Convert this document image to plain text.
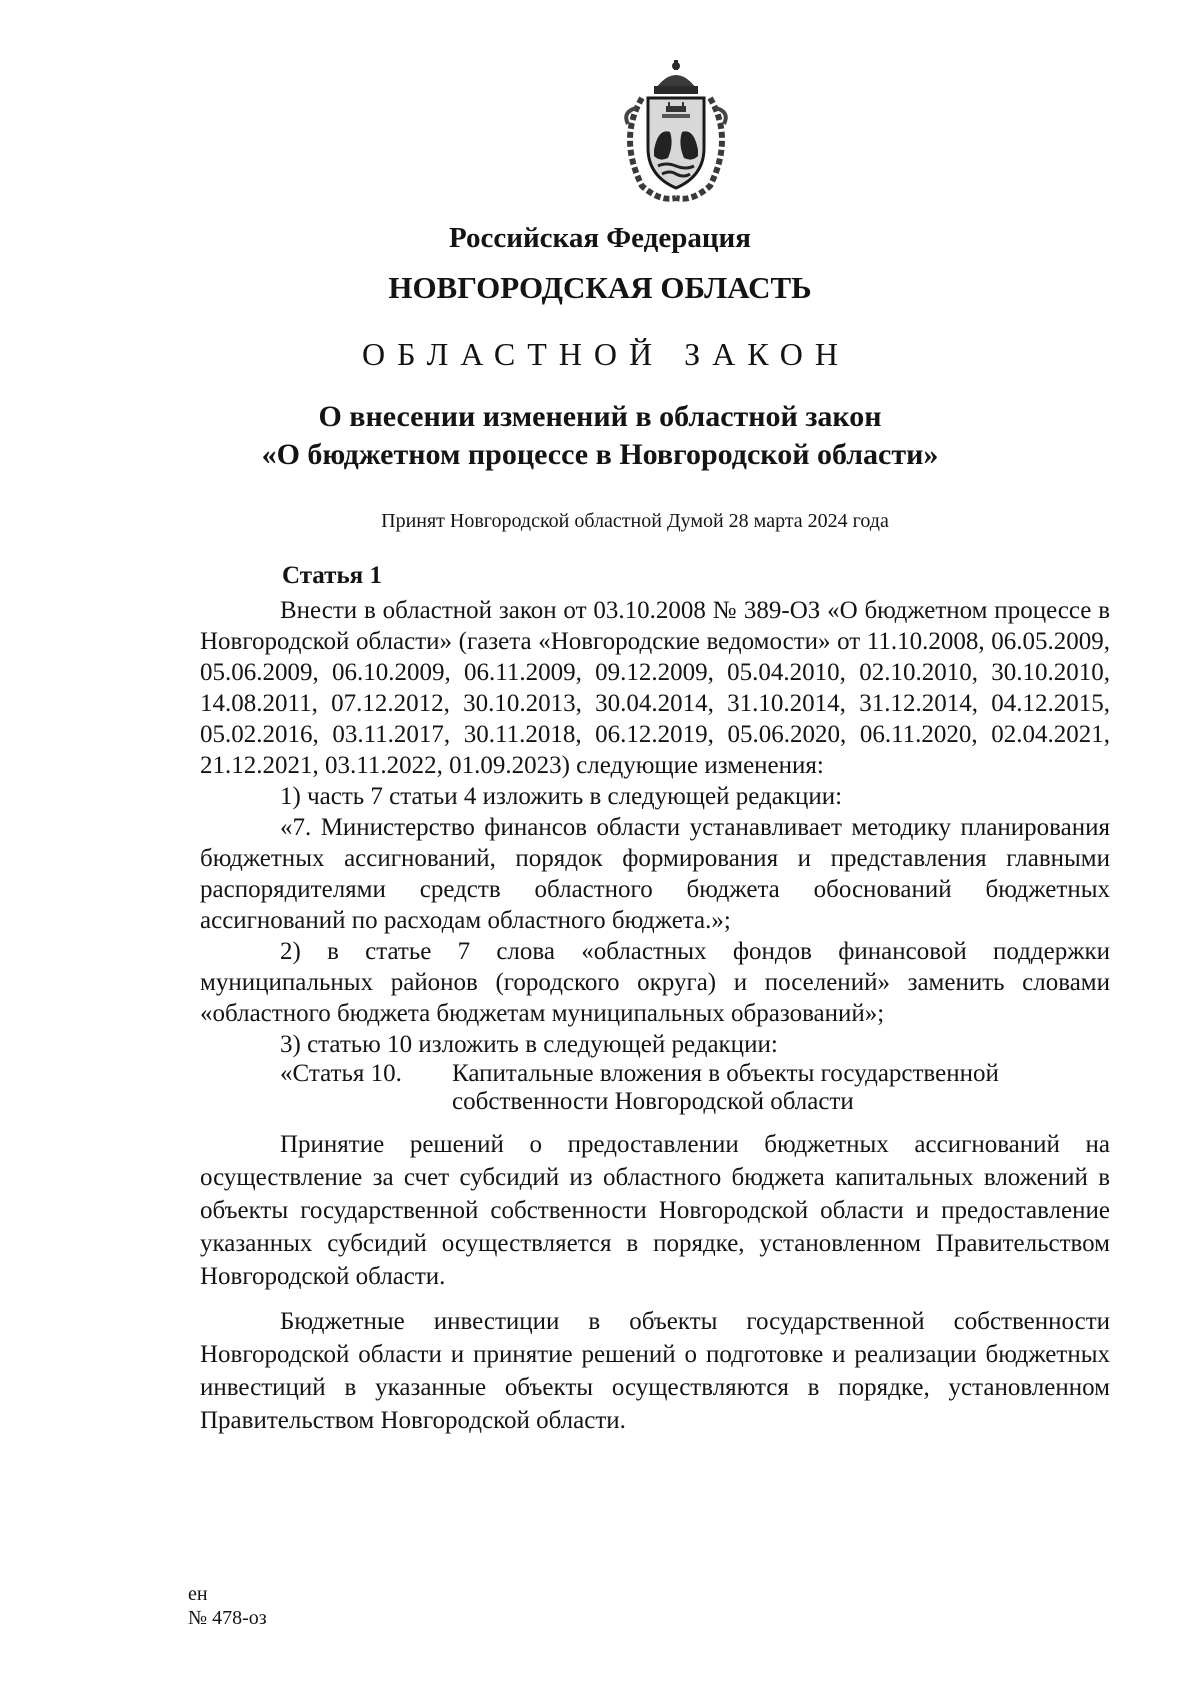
Российская Федерация
НОВГОРОДСКАЯ ОБЛАСТЬ
ОБЛАСТНОЙ ЗАКОН
О внесении изменений в областной закон
«О бюджетном процессе в Новгородской области»
Принят Новгородской областной Думой 28 марта 2024 года

Статья 1

Внести в областной закон от 03.10.2008 № 389-ОЗ «О бюджетном процессе в Новгородской области» (газета «Новгородские ведомости» от 11.10.2008, 06.05.2009, 05.06.2009, 06.10.2009, 06.11.2009, 09.12.2009, 05.04.2010, 02.10.2010, 30.10.2010, 14.08.2011, 07.12.2012, 30.10.2013, 30.04.2014, 31.10.2014, 31.12.2014, 04.12.2015, 05.02.2016, 03.11.2017, 30.11.2018, 06.12.2019, 05.06.2020, 06.11.2020, 02.04.2021, 21.12.2021, 03.11.2022, 01.09.2023) следующие изменения:

1) часть 7 статьи 4 изложить в следующей редакции:

«7. Министерство финансов области устанавливает методику планирования бюджетных ассигнований, порядок формирования и представления главными распорядителями средств областного бюджета обоснований бюджетных ассигнований по расходам областного бюджета.»;

2) в статье 7 слова «областных фондов финансовой поддержки муниципальных районов (городского округа) и поселений» заменить словами «областного бюджета бюджетам муниципальных образований»;

3) статью 10 изложить в следующей редакции:

«Статья 10.	Капитальные вложения в объекты государственной
собственности Новгородской области

Принятие решений о предоставлении бюджетных ассигнований на осуществление за счет субсидий из областного бюджета капитальных вложений в объекты государственной собственности Новгородской области и предоставление указанных субсидий осуществляется в порядке, установленном Правительством Новгородской области.

Бюджетные инвестиции в объекты государственной собственности Новгородской области и принятие решений о подготовке и реализации бюджетных инвестиций в указанные объекты осуществляются в порядке, установленном Правительством Новгородской области.

ен
№ 478-оз
